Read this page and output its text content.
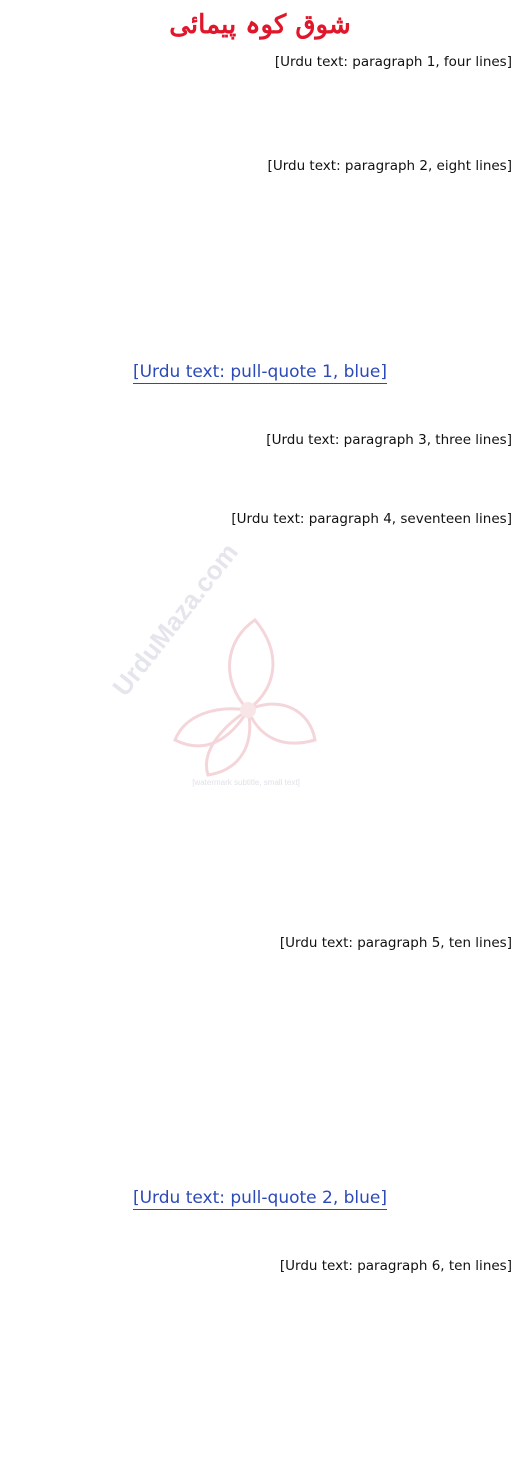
شوق کوہ پیمائی

[Urdu text: paragraph 1, four lines]

[Urdu text: paragraph 2, eight lines]

[Urdu text: pull-quote 1, blue]

[Urdu text: paragraph 3, three lines]

[Urdu text: paragraph 4, seventeen lines]

[Urdu text: paragraph 5, ten lines]

[Urdu text: pull-quote 2, blue]

[Urdu text: paragraph 6, ten lines]

UrduMaza.com
[watermark subtitle, small text]
